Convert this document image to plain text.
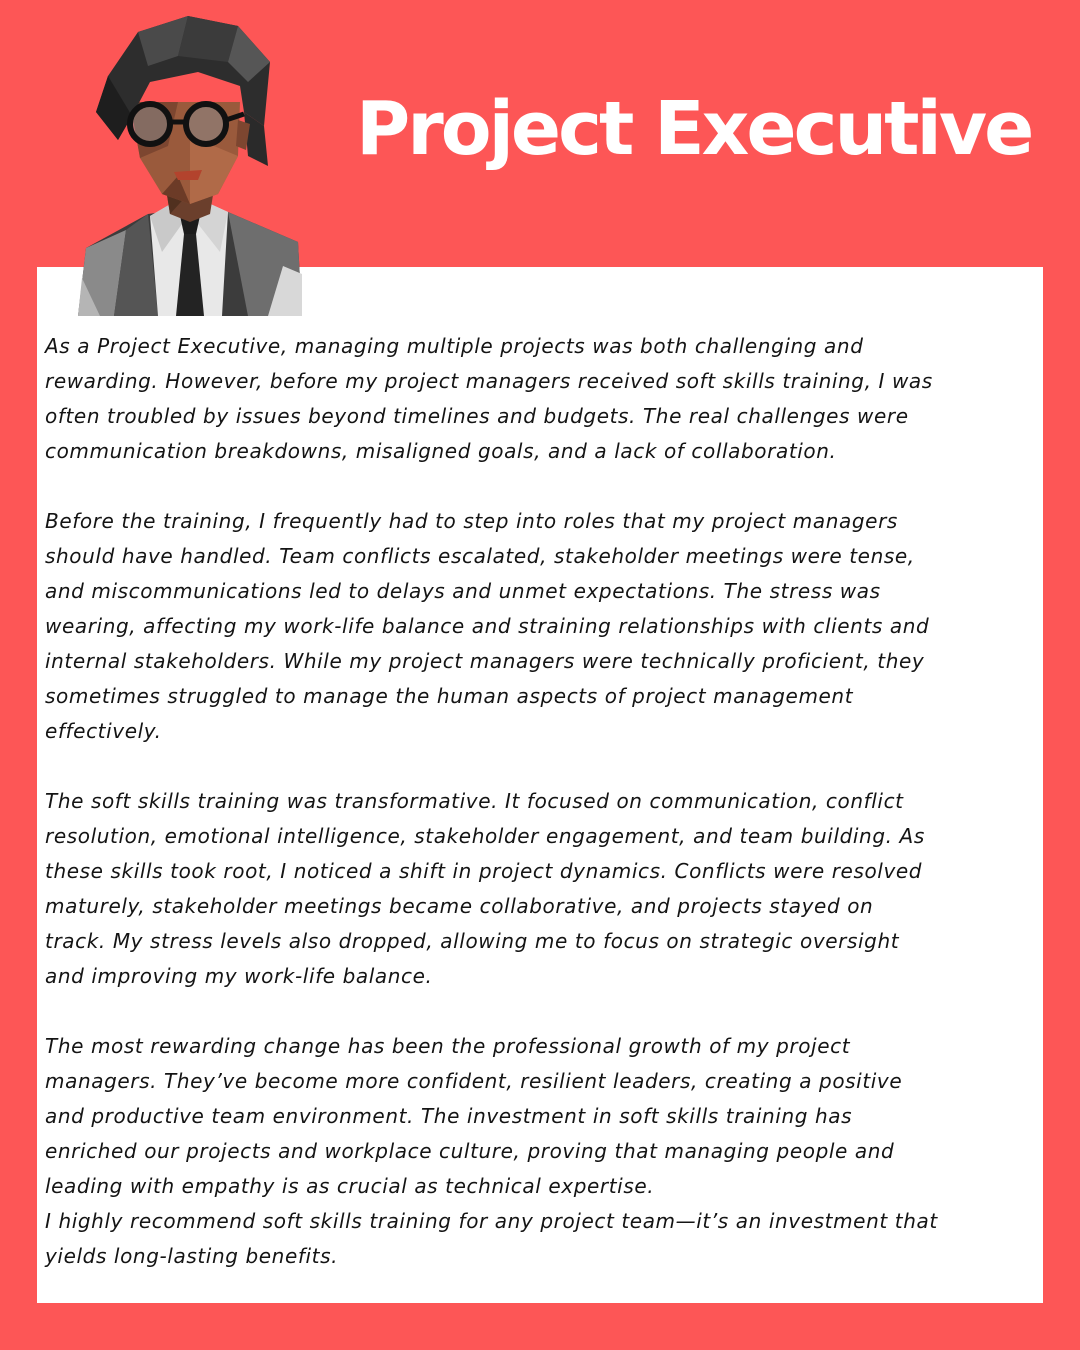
Project Executive

As a Project Executive, managing multiple projects was both challenging and
rewarding. However, before my project managers received soft skills training, I was
often troubled by issues beyond timelines and budgets. The real challenges were
communication breakdowns, misaligned goals, and a lack of collaboration.

Before the training, I frequently had to step into roles that my project managers
should have handled. Team conflicts escalated, stakeholder meetings were tense,
and miscommunications led to delays and unmet expectations. The stress was
wearing, affecting my work-life balance and straining relationships with clients and
internal stakeholders. While my project managers were technically proficient, they
sometimes struggled to manage the human aspects of project management
effectively.

The soft skills training was transformative. It focused on communication, conflict
resolution, emotional intelligence, stakeholder engagement, and team building. As
these skills took root, I noticed a shift in project dynamics. Conflicts were resolved
maturely, stakeholder meetings became collaborative, and projects stayed on
track. My stress levels also dropped, allowing me to focus on strategic oversight
and improving my work-life balance.

The most rewarding change has been the professional growth of my project
managers. They’ve become more confident, resilient leaders, creating a positive
and productive team environment. The investment in soft skills training has
enriched our projects and workplace culture, proving that managing people and
leading with empathy is as crucial as technical expertise.

I highly recommend soft skills training for any project team—it’s an investment that
yields long-lasting benefits.
